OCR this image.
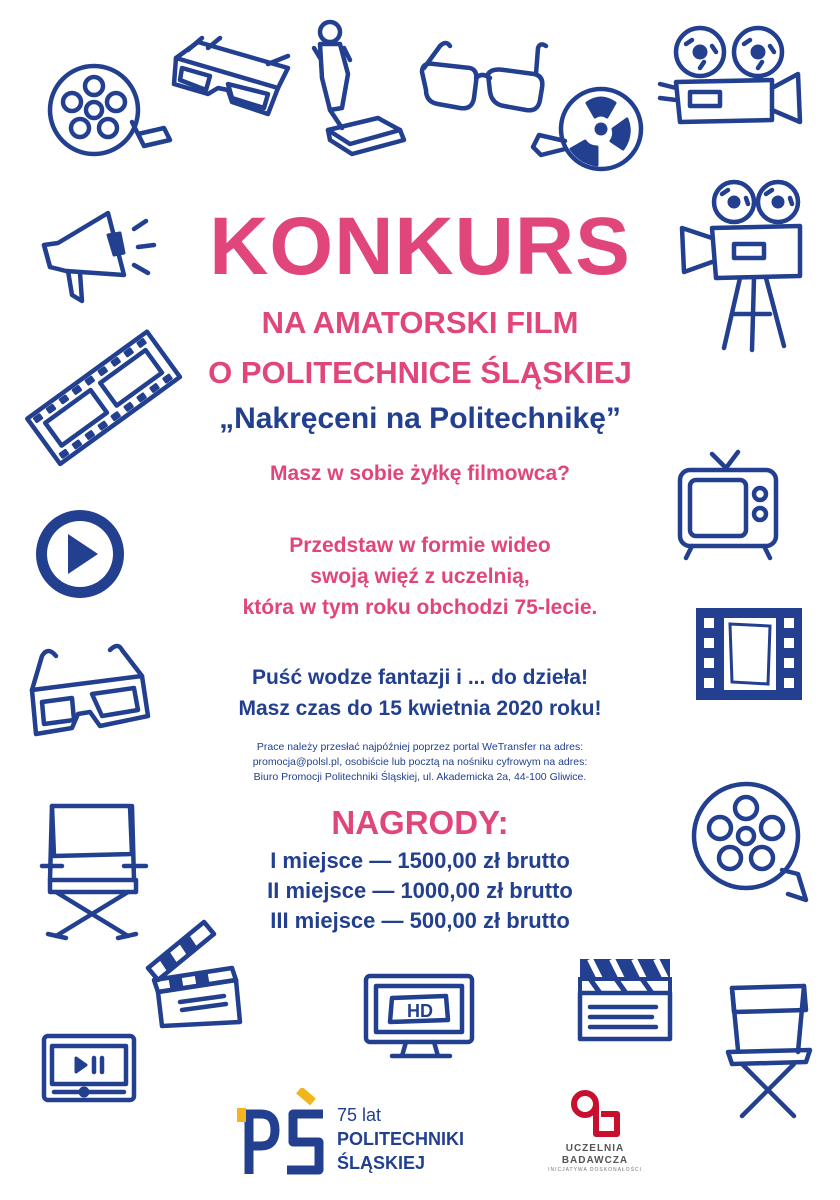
HD
KONKURS
NA AMATORSKI FILM
O POLITECHNICE ŚLĄSKIEJ
„Nakręceni na Politechnikę”
Masz w sobie żyłkę filmowca?
Przedstaw w formie wideo
swoją więź z uczelnią,
która w tym roku obchodzi 75-lecie.
Puść wodze fantazji i ... do dzieła!
Masz czas do 15 kwietnia 2020 roku!
Prace należy przesłać najpóźniej poprzez portal WeTransfer na adres:
promocja@polsl.pl, osobiście lub pocztą na nośniku cyfrowym na adres:
Biuro Promocji Politechniki Śląskiej, ul. Akademicka 2a, 44-100 Gliwice.
NAGRODY:
I miejsce — 1500,00 zł brutto
II miejsce — 1000,00 zł brutto
III miejsce — 500,00 zł brutto
75 lat
POLITECHNIKI
ŚLĄSKIEJ
UCZELNIA
BADAWCZA
INICJATYWA DOSKONAŁOŚCI
